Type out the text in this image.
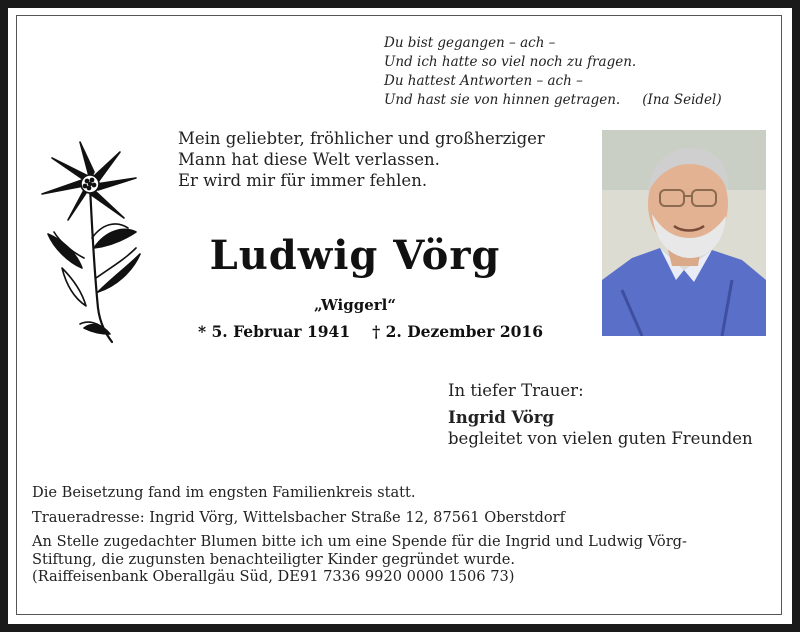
Du bist gegangen – ach –
Und ich hatte so viel noch zu fragen.
Du hattest Antworten – ach –
Und hast sie von hinnen getragen. (Ina Seidel)
Mein geliebter, fröhlicher und großherziger
Mann hat diese Welt verlassen.
Er wird mir für immer fehlen.
Ludwig Vörg
„Wiggerl“
* 5. Februar 1941 † 2. Dezember 2016
In tiefer Trauer:
Ingrid Vörg
begleitet von vielen guten Freunden
Die Beisetzung fand im engsten Familienkreis statt.
Traueradresse: Ingrid Vörg, Wittelsbacher Straße 12, 87561 Oberstdorf
An Stelle zugedachter Blumen bitte ich um eine Spende für die Ingrid und Ludwig Vörg-
Stiftung, die zugunsten benachteiligter Kinder gegründet wurde.
(Raiffeisenbank Oberallgäu Süd, DE91 7336 9920 0000 1506 73)
